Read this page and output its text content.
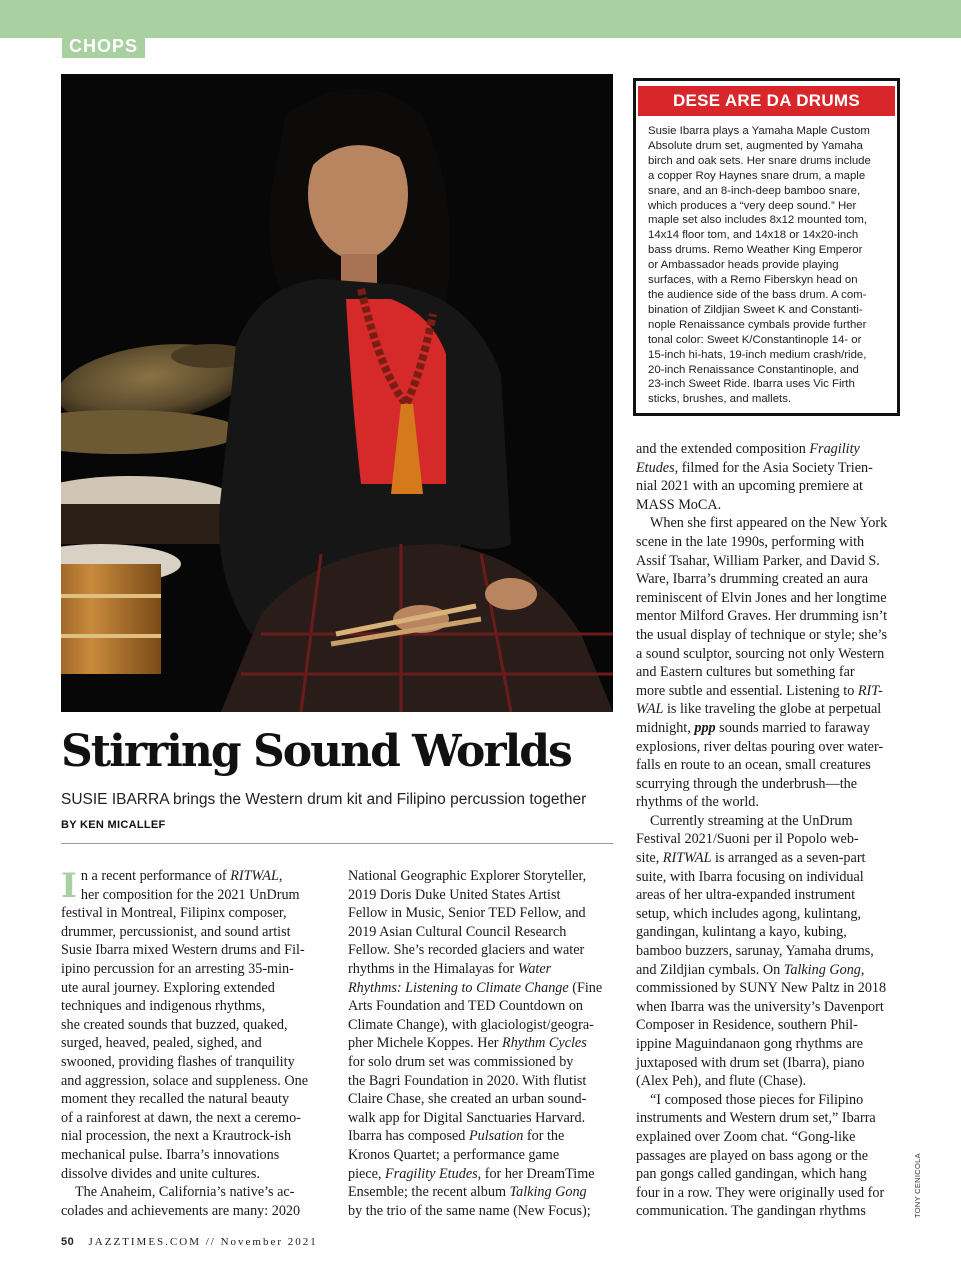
CHOPS
DESE ARE DA DRUMS
Susie Ibarra plays a Yamaha Maple Custom
Absolute drum set, augmented by Yamaha
birch and oak sets. Her snare drums include
a copper Roy Haynes snare drum, a maple
snare, and an 8-inch-deep bamboo snare,
which produces a “very deep sound.” Her
maple set also includes 8x12 mounted tom,
14x14 floor tom, and 14x18 or 14x20-inch
bass drums. Remo Weather King Emperor
or Ambassador heads provide playing
surfaces, with a Remo Fiberskyn head on
the audience side of the bass drum. A com-
bination of Zildjian Sweet K and Constanti-
nople Renaissance cymbals provide further
tonal color: Sweet K/Constantinople 14- or
15-inch hi-hats, 19-inch medium crash/ride,
20-inch Renaissance Constantinople, and
23-inch Sweet Ride. Ibarra uses Vic Firth
sticks, brushes, and mallets.
Stirring Sound Worlds
SUSIE IBARRA brings the Western drum kit and Filipino percussion together
BY KEN MICALLEF
I n a recent performance of RITWAL,
her composition for the 2021 UnDrum
festival in Montreal, Filipinx composer,
drummer, percussionist, and sound artist
Susie Ibarra mixed Western drums and Fil-
ipino percussion for an arresting 35-min-
ute aural journey. Exploring extended
techniques and indigenous rhythms,
she created sounds that buzzed, quaked,
surged, heaved, pealed, sighed, and
swooned, providing flashes of tranquility
and aggression, solace and suppleness. One
moment they recalled the natural beauty
of a rainforest at dawn, the next a ceremo-
nial procession, the next a Krautrock-ish
mechanical pulse. Ibarra’s innovations
dissolve divides and unite cultures.
The Anaheim, California’s native’s ac-
colades and achievements are many: 2020
National Geographic Explorer Storyteller,
2019 Doris Duke United States Artist
Fellow in Music, Senior TED Fellow, and
2019 Asian Cultural Council Research
Fellow. She’s recorded glaciers and water
rhythms in the Himalayas for Water
Rhythms: Listening to Climate Change (Fine
Arts Foundation and TED Countdown on
Climate Change), with glaciologist/geogra-
pher Michele Koppes. Her Rhythm Cycles
for solo drum set was commissioned by
the Bagri Foundation in 2020. With flutist
Claire Chase, she created an urban sound-
walk app for Digital Sanctuaries Harvard.
Ibarra has composed Pulsation for the
Kronos Quartet; a performance game
piece, Fragility Etudes, for her DreamTime
Ensemble; the recent album Talking Gong
by the trio of the same name (New Focus);
and the extended composition Fragility
Etudes, filmed for the Asia Society Trien-
nial 2021 with an upcoming premiere at
MASS MoCA.
When she first appeared on the New York
scene in the late 1990s, performing with
Assif Tsahar, William Parker, and David S.
Ware, Ibarra’s drumming created an aura
reminiscent of Elvin Jones and her longtime
mentor Milford Graves. Her drumming isn’t
the usual display of technique or style; she’s
a sound sculptor, sourcing not only Western
and Eastern cultures but something far
more subtle and essential. Listening to RIT-
WAL is like traveling the globe at perpetual
midnight, ppp sounds married to faraway
explosions, river deltas pouring over water-
falls en route to an ocean, small creatures
scurrying through the underbrush—the
rhythms of the world.
Currently streaming at the UnDrum
Festival 2021/Suoni per il Popolo web-
site, RITWAL is arranged as a seven-part
suite, with Ibarra focusing on individual
areas of her ultra-expanded instrument
setup, which includes agong, kulintang,
gandingan, kulintang a kayo, kubing,
bamboo buzzers, sarunay, Yamaha drums,
and Zildjian cymbals. On Talking Gong,
commissioned by SUNY New Paltz in 2018
when Ibarra was the university’s Davenport
Composer in Residence, southern Phil-
ippine Maguindanaon gong rhythms are
juxtaposed with drum set (Ibarra), piano
(Alex Peh), and flute (Chase).
“I composed those pieces for Filipino
instruments and Western drum set,” Ibarra
explained over Zoom chat. “Gong-like
passages are played on bass agong or the
pan gongs called gandingan, which hang
four in a row. They were originally used for
communication. The gandingan rhythms
50 JAZZTIMES.COM // November 2021
TONY CENICOLA
